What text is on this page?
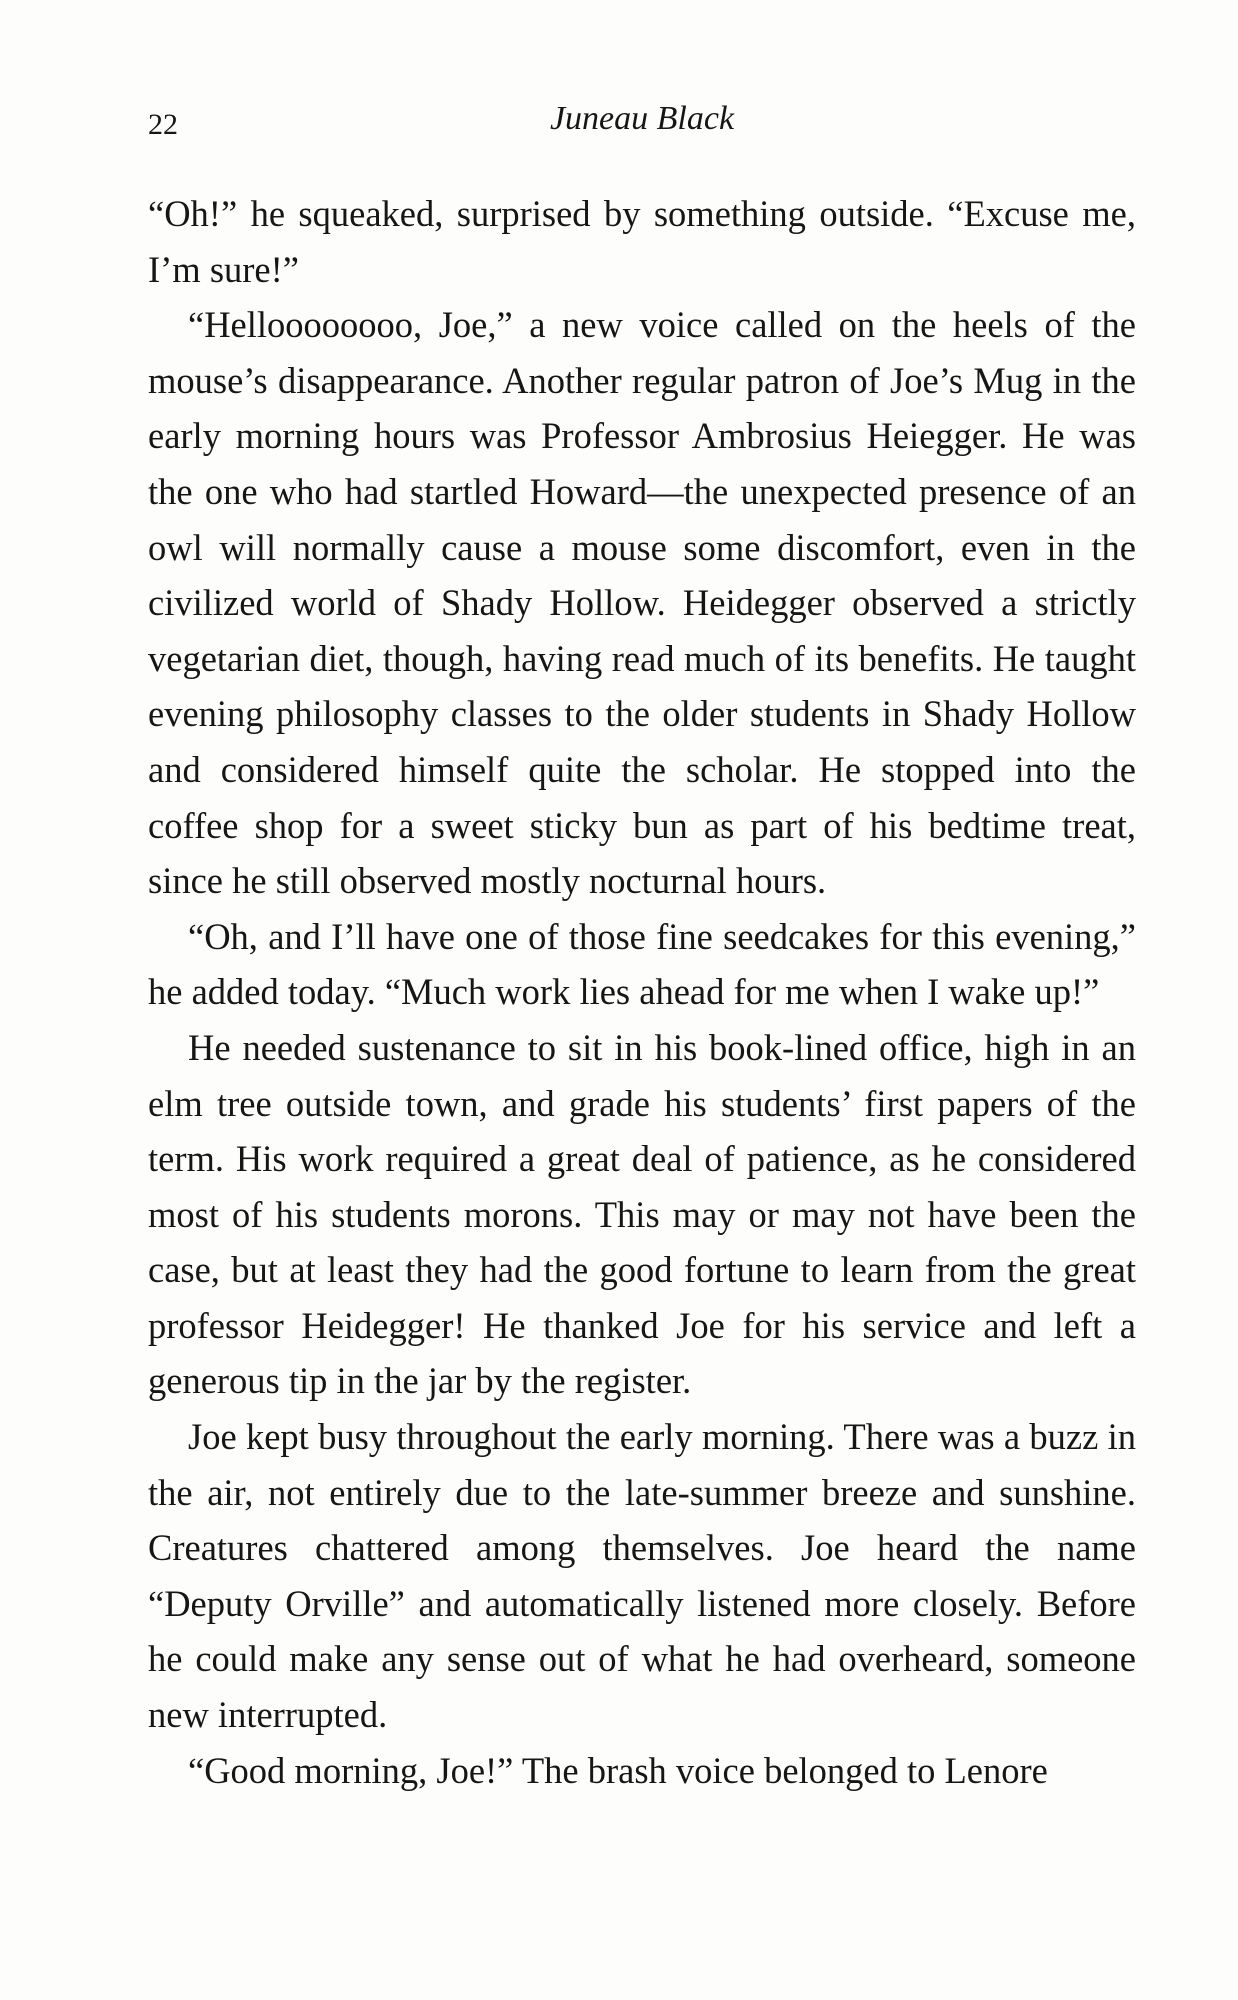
22	Juneau Black

“Oh!” he squeaked, surprised by something outside. “Excuse me, I’m sure!”

“Helloooooooo, Joe,” a new voice called on the heels of the mouse’s disappearance. Another regular patron of Joe’s Mug in the early morning hours was Professor Ambrosius Heiegger. He was the one who had startled Howard—the unexpected presence of an owl will normally cause a mouse some discomfort, even in the civilized world of Shady Hollow. Heidegger observed a strictly vegetarian diet, though, having read much of its benefits. He taught evening philosophy classes to the older students in Shady Hollow and considered himself quite the scholar. He stopped into the coffee shop for a sweet sticky bun as part of his bedtime treat, since he still observed mostly nocturnal hours.

“Oh, and I’ll have one of those fine seedcakes for this evening,” he added today. “Much work lies ahead for me when I wake up!”

He needed sustenance to sit in his book-lined office, high in an elm tree outside town, and grade his students’ first papers of the term. His work required a great deal of patience, as he considered most of his students morons. This may or may not have been the case, but at least they had the good fortune to learn from the great professor Heidegger! He thanked Joe for his service and left a generous tip in the jar by the register.

Joe kept busy throughout the early morning. There was a buzz in the air, not entirely due to the late-summer breeze and sunshine. Creatures chattered among themselves. Joe heard the name “Deputy Orville” and automatically listened more closely. Before he could make any sense out of what he had overheard, someone new interrupted.

“Good morning, Joe!” The brash voice belonged to Lenore
